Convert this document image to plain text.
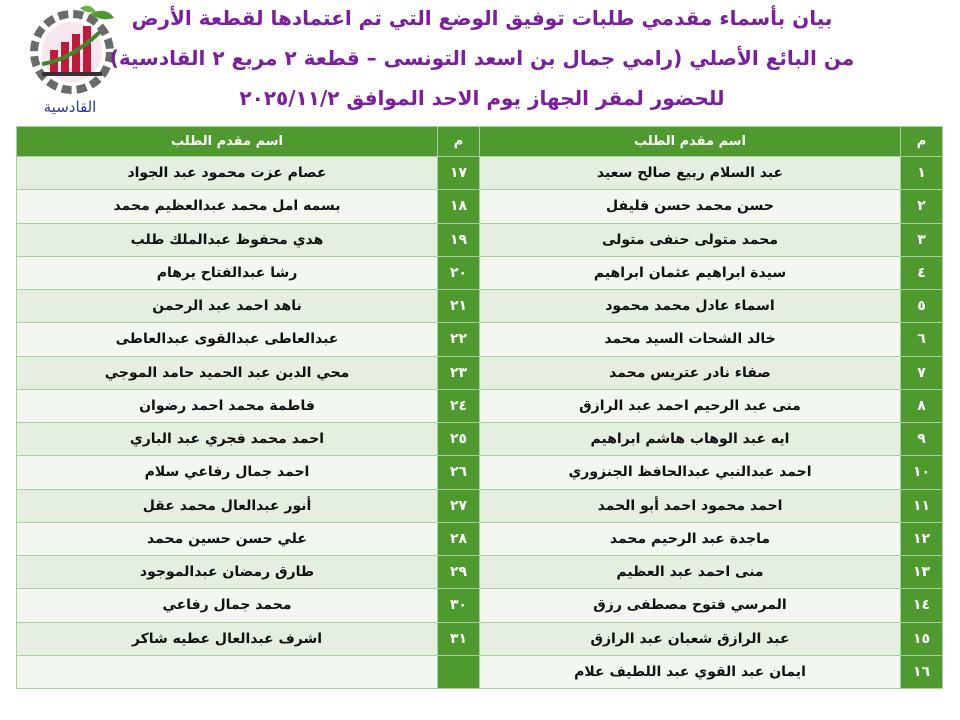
القادسية
بيان بأسماء مقدمي طلبات توفيق الوضع التي تم اعتمادها لقطعة الأرض
من البائع الأصلي (رامي جمال بن اسعد التونسى – قطعة ٢ مربع ٢ القادسية)
للحضور لمقر الجهاز يوم الاحد الموافق ٢٠٢٥/١١/٢
م	اسم مقدم الطلب	م	اسم مقدم الطلب
١	عبد السلام ربيع صالح سعيد	١٧	عصام عزت محمود عبد الجواد
٢	حسن محمد حسن فليفل	١٨	بسمه امل محمد عبدالعظيم محمد
٣	محمد متولى حنفى متولى	١٩	هدي محفوظ عبدالملك طلب
٤	سيدة ابراهيم عثمان ابراهيم	٢٠	رشا عبدالفتاح يرهام
٥	اسماء عادل محمد محمود	٢١	ناهد احمد عبد الرحمن
٦	خالد الشحات السيد محمد	٢٢	عبدالعاطى عبدالقوى عبدالعاطى
٧	صفاء نادر عتريس محمد	٢٣	محي الدين عبد الحميد حامد الموجي
٨	منى عبد الرحيم احمد عبد الرازق	٢٤	فاطمة محمد احمد رضوان
٩	ايه عبد الوهاب هاشم ابراهيم	٢٥	احمد محمد فجري عبد الباري
١٠	احمد عبدالنبي عبدالحافظ الجنزوري	٢٦	احمد جمال رفاعي سلام
١١	احمد محمود احمد أبو الحمد	٢٧	أنور عبدالعال محمد عقل
١٢	ماجدة عبد الرحيم محمد	٢٨	علي حسن حسين محمد
١٣	منى احمد عبد العظيم	٢٩	طارق رمضان عبدالموجود
١٤	المرسي فتوح مصطفى رزق	٣٠	محمد جمال رفاعي
١٥	عبد الرازق شعبان عبد الرازق	٣١	اشرف عبدالعال عطيه شاكر
١٦	ايمان عبد القوي عبد اللطيف علام		
